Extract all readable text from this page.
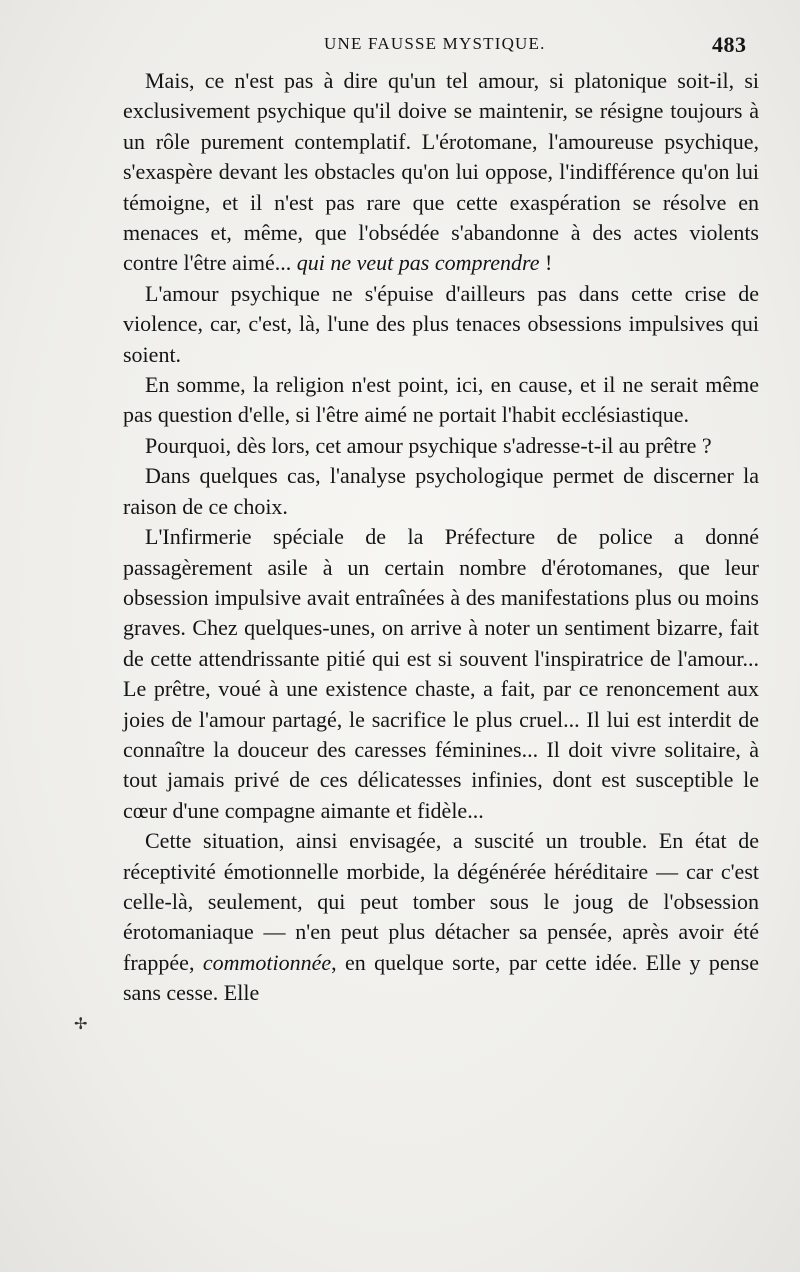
UNE FAUSSE MYSTIQUE.	483

Mais, ce n'est pas à dire qu'un tel amour, si platonique soit-il, si exclusivement psychique qu'il doive se maintenir, se résigne toujours à un rôle purement contemplatif. L'érotomane, l'amoureuse psychique, s'exaspère devant les obstacles qu'on lui oppose, l'indifférence qu'on lui témoigne, et il n'est pas rare que cette exaspération se résolve en menaces et, même, que l'obsédée s'abandonne à des actes violents contre l'être aimé... qui ne veut pas comprendre !

L'amour psychique ne s'épuise d'ailleurs pas dans cette crise de violence, car, c'est, là, l'une des plus tenaces obsessions impulsives qui soient.

En somme, la religion n'est point, ici, en cause, et il ne serait même pas question d'elle, si l'être aimé ne portait l'habit ecclésiastique.

Pourquoi, dès lors, cet amour psychique s'adresse-t-il au prêtre ?

Dans quelques cas, l'analyse psychologique permet de discerner la raison de ce choix.

L'Infirmerie spéciale de la Préfecture de police a donné passagèrement asile à un certain nombre d'érotomanes, que leur obsession impulsive avait entraînées à des manifestations plus ou moins graves. Chez quelques-unes, on arrive à noter un sentiment bizarre, fait de cette attendrissante pitié qui est si souvent l'inspiratrice de l'amour... Le prêtre, voué à une existence chaste, a fait, par ce renoncement aux joies de l'amour partagé, le sacrifice le plus cruel... Il lui est interdit de connaître la douceur des caresses féminines... Il doit vivre solitaire, à tout jamais privé de ces délicatesses infinies, dont est susceptible le cœur d'une compagne aimante et fidèle...

Cette situation, ainsi envisagée, a suscité un trouble. En état de réceptivité émotionnelle morbide, la dégénérée héréditaire — car c'est celle-là, seulement, qui peut tomber sous le joug de l'obsession érotomaniaque — n'en peut plus détacher sa pensée, après avoir été frappée, commotionnée, en quelque sorte, par cette idée. Elle y pense sans cesse. Elle

✢
